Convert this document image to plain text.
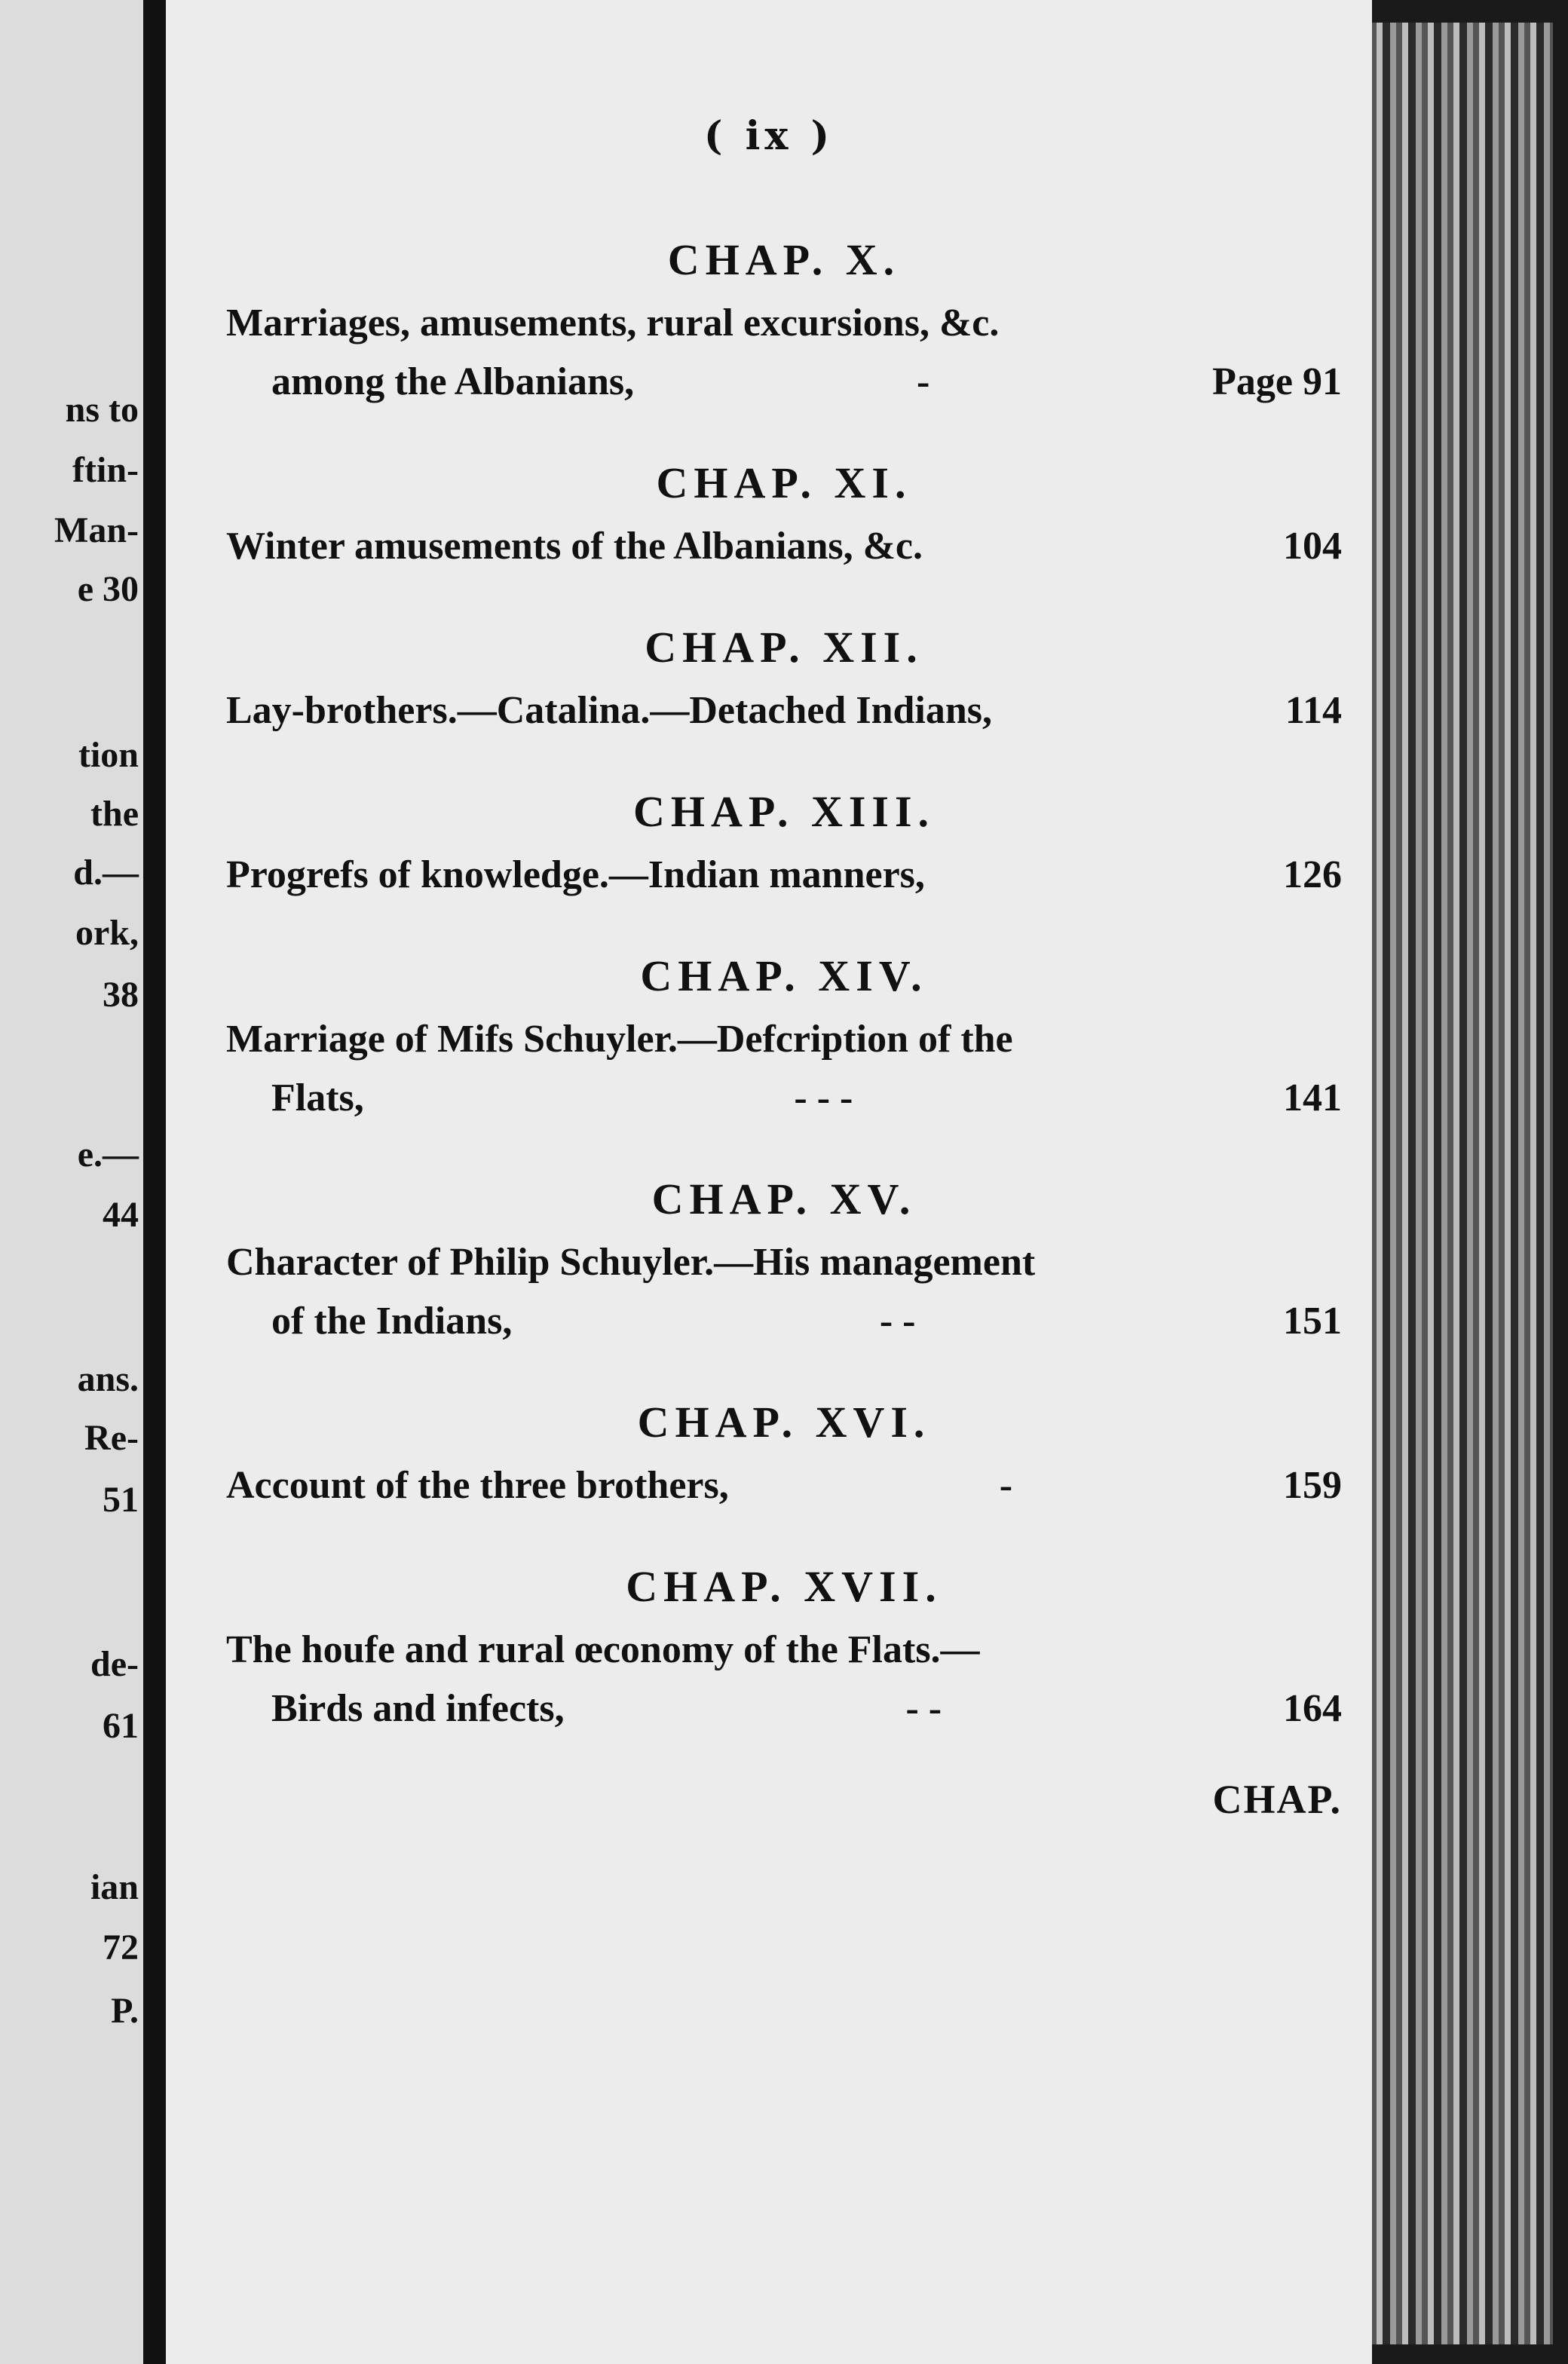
ns to
ftin-
Man-
e 30
tion
the
d.—
ork,
38
e.—
44
ans.
Re-
51
de-
61
ian
72
P.
( ix )
CHAP. X.
Marriages, amusements, rural excursions, &c.
among the Albanians,	-	Page 91
CHAP. XI.
Winter amusements of the Albanians, &c.	104
CHAP. XII.
Lay-brothers.—Catalina.—Detached Indians,	114
CHAP. XIII.
Progrefs of knowledge.—Indian manners,	126
CHAP. XIV.
Marriage of Mifs Schuyler.—Defcription of the
Flats,	- - -	141
CHAP. XV.
Character of Philip Schuyler.—His management
of the Indians,	- -	151
CHAP. XVI.
Account of the three brothers,	-	159
CHAP. XVII.
The houfe and rural œconomy of the Flats.—
Birds and infects,	- -	164
CHAP.
